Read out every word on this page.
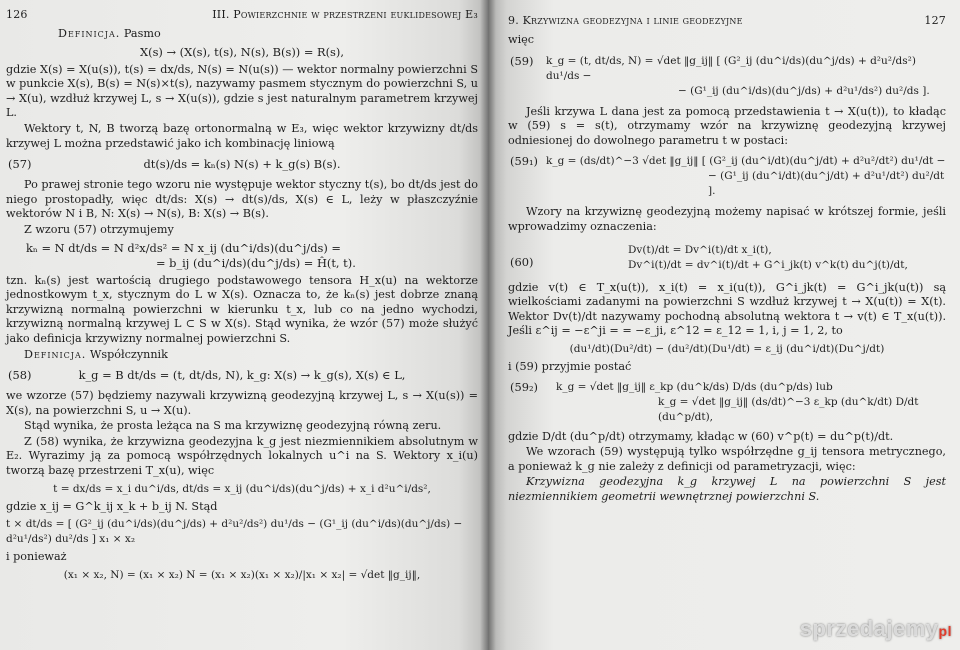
126	III. Powierzchnie w przestrzeni euklidesowej E₃

Definicja. Pasmo

X(s) → (X(s), t(s), N(s), B(s)) = R(s),

gdzie X(s) = X(u(s)), t(s) = dx/ds, N(s) = N(u(s)) — wektor normalny powierzchni S w punkcie X(s), B(s) = N(s)×t(s), nazywamy pasmem stycznym do powierzchni S, u → X(u), wzdłuż krzywej L, s → X(u(s)), gdzie s jest naturalnym parametrem krzywej L.

Wektory t, N, B tworzą bazę ortonormalną w E₃, więc wektor krzywizny dt/ds krzywej L można przedstawić jako ich kombinację liniową

(57)	dt(s)/ds = kₙ(s) N(s) + k_g(s) B(s).

Po prawej stronie tego wzoru nie występuje wektor styczny t(s), bo dt/ds jest do niego prostopadły, więc dt/ds: X(s) → dt(s)/ds, X(s) ∈ L, leży w płaszczyźnie wektorów N i B, N: X(s) → N(s), B: X(s) → B(s).

Z wzoru (57) otrzymujemy

kₙ = N dt/ds = N d²x/ds² = N x_ij (du^i/ds)(du^j/ds) =
= b_ij (du^i/ds)(du^j/ds) = Ĥ(t, t).

tzn. kₙ(s) jest wartością drugiego podstawowego tensora H_x(u) na wektorze jednostkowym t_x, stycznym do L w X(s). Oznacza to, że kₙ(s) jest dobrze znaną krzywizną normalną powierzchni w kierunku t_x, lub co na jedno wychodzi, krzywizną normalną krzywej L ⊂ S w X(s). Stąd wynika, że wzór (57) może służyć jako definicja krzywizny normalnej powierzchni S.

Definicja. Współczynnik

(58)	k_g = B dt/ds = (t, dt/ds, N), k_g: X(s) → k_g(s), X(s) ∈ L,

we wzorze (57) będziemy nazywali krzywizną geodezyjną krzywej L, s → X(u(s)) = X(s), na powierzchni S, u → X(u).

Stąd wynika, że prosta leżąca na S ma krzywiznę geodezyjną równą zeru.

Z (58) wynika, że krzywizna geodezyjna k_g jest niezmiennikiem absolutnym w E₂. Wyrazimy ją za pomocą współrzędnych lokalnych u^i na S. Wektory x_i(u) tworzą bazę przestrzeni T_x(u), więc

t = dx/ds = x_i du^i/ds, dt/ds = x_ij (du^i/ds)(du^j/ds) + x_i d²u^i/ds²,

gdzie x_ij = G^k_ij x_k + b_ij N. Stąd

t × dt/ds = [ (G²_ij (du^i/ds)(du^j/ds) + d²u²/ds²) du¹/ds − (G¹_ij (du^i/ds)(du^j/ds) − d²u¹/ds²) du²/ds ] x₁ × x₂

i ponieważ

(x₁ × x₂, N) = (x₁ × x₂) N = (x₁ × x₂)(x₁ × x₂)/|x₁ × x₂| = √det ‖g_ij‖,
9. Krzywizna geodezyjna i linie geodezyjne	127

więc

(59)	k_g = (t, dt/ds, N) = √det ‖g_ij‖ [ (G²_ij (du^i/ds)(du^j/ds) + d²u²/ds²) du¹/ds −
− (G¹_ij (du^i/ds)(du^j/ds) + d²u¹/ds²) du²/ds ].

Jeśli krzywa L dana jest za pomocą przedstawienia t → X(u(t)), to kładąc w (59) s = s(t), otrzymamy wzór na krzywiznę geodezyjną krzywej odniesionej do dowolnego parametru t w postaci:

(59₁) k_g = (ds/dt)^−3 √det ‖g_ij‖ [ (G²_ij (du^i/dt)(du^j/dt) + d²u²/dt²) du¹/dt −
− (G¹_ij (du^i/dt)(du^j/dt) + d²u¹/dt²) du²/dt ].

Wzory na krzywiznę geodezyjną możemy napisać w krótszej formie, jeśli wprowadzimy oznaczenia:

(60)
Dv(t)/dt = Dv^i(t)/dt x_i(t),
Dv^i(t)/dt = dv^i(t)/dt + G^i_jk(t) v^k(t) du^j(t)/dt,

gdzie v(t) ∈ T_x(u(t)), x_i(t) = x_i(u(t)), G^i_jk(t) = G^i_jk(u(t)) są wielkościami zadanymi na powierzchni S wzdłuż krzywej t → X(u(t)) = X(t). Wektor Dv(t)/dt nazywamy pochodną absolutną wektora t → v(t) ∈ T_x(u(t)). Jeśli ε^ij = −ε^ji = = −ε_ji, ε^12 = ε_12 = 1, i, j = 1, 2, to

(du¹/dt)(Du²/dt) − (du²/dt)(Du¹/dt) = ε_ij (du^i/dt)(Du^j/dt)

i (59) przyjmie postać

(59₂)	k_g = √det ‖g_ij‖ ε_kp (du^k/ds) D/ds (du^p/ds) lub
k_g = √det ‖g_ij‖ (ds/dt)^−3 ε_kp (du^k/dt) D/dt (du^p/dt),

gdzie D/dt (du^p/dt) otrzymamy, kładąc w (60) v^p(t) = du^p(t)/dt.

We wzorach (59) występują tylko współrzędne g_ij tensora metrycznego, a ponieważ k_g nie zależy z definicji od parametryzacji, więc:

Krzywizna geodezyjna k_g krzywej L na powierzchni S jest niezmiennikiem geometrii wewnętrznej powierzchni S.

sprzedajemypl
